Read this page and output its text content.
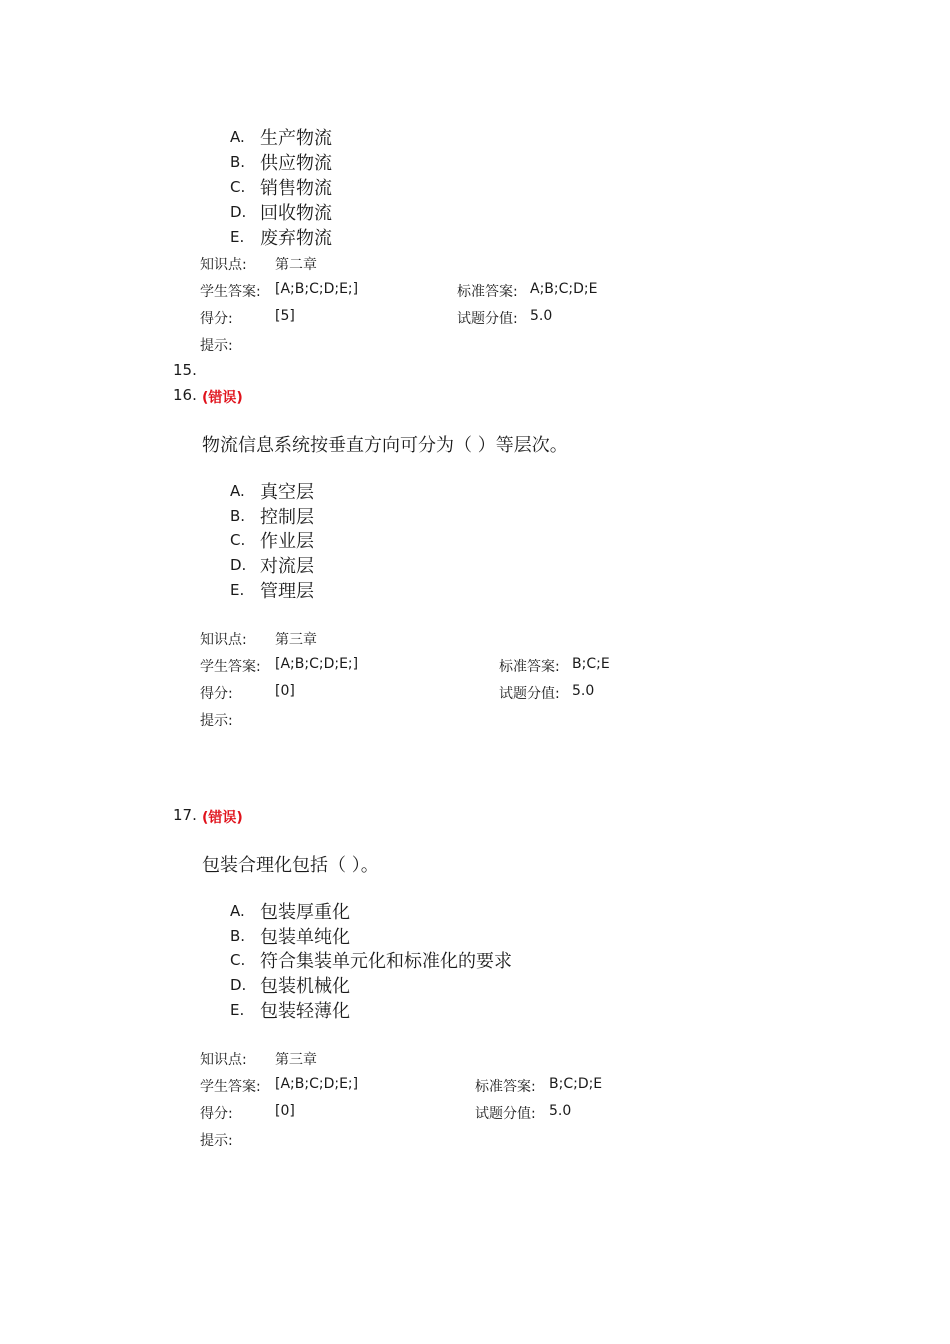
A. 生产物流
B. 供应物流
C. 销售物流
D. 回收物流
E. 废弃物流
知识点: 第二章
学生答案: [A;B;C;D;E;]	标准答案: A;B;C;D;E
得分:	[5]	试题分值: 5.0
提示:
15.
16. (错误)
物流信息系统按垂直方向可分为（ ）等层次。
A. 真空层
B. 控制层
C. 作业层
D. 对流层
E. 管理层
知识点: 第三章
学生答案: [A;B;C;D;E;]	标准答案: B;C;E
得分:	[0]	试题分值: 5.0
提示:
17. (错误)
包装合理化包括（ ）。
A. 包装厚重化
B. 包装单纯化
C. 符合集装单元化和标准化的要求
D. 包装机械化
E. 包装轻薄化
知识点: 第三章
学生答案: [A;B;C;D;E;]	标准答案: B;C;D;E
得分:	[0]	试题分值: 5.0
提示:
